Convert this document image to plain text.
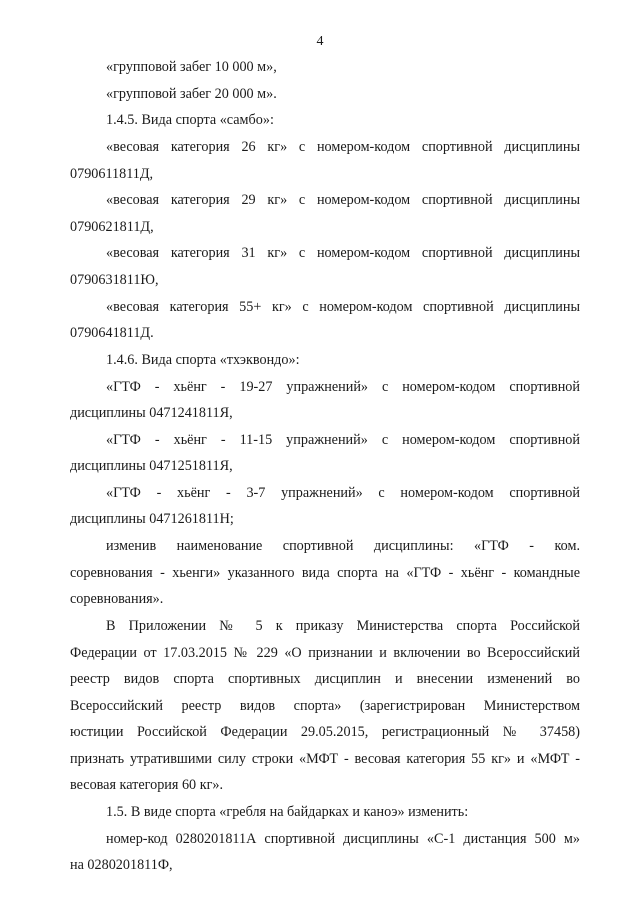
4
«групповой забег 10 000 м»,
«групповой забег 20 000 м».
1.4.5. Вида спорта «самбо»:
«весовая категория 26 кг» с номером-кодом спортивной дисциплины
0790611811Д,
«весовая категория 29 кг» с номером-кодом спортивной дисциплины
0790621811Д,
«весовая категория 31 кг» с номером-кодом спортивной дисциплины
0790631811Ю,
«весовая категория 55+ кг» с номером-кодом спортивной дисциплины
0790641811Д.
1.4.6. Вида спорта «тхэквондо»:
«ГТФ - хьёнг - 19-27 упражнений» с номером-кодом спортивной
дисциплины 0471241811Я,
«ГТФ - хьёнг - 11-15 упражнений» с номером-кодом спортивной
дисциплины 0471251811Я,
«ГТФ - хьёнг - 3-7 упражнений» с номером-кодом спортивной
дисциплины 0471261811Н;
изменив наименование спортивной дисциплины: «ГТФ - ком.
соревнования - хьенги» указанного вида спорта на «ГТФ - хьёнг - командные
соревнования».
В Приложении № 5 к приказу Министерства спорта Российской
Федерации от 17.03.2015 № 229 «О признании и включении во Всероссийский
реестр видов спорта спортивных дисциплин и внесении изменений во
Всероссийский реестр видов спорта» (зарегистрирован Министерством
юстиции Российской Федерации 29.05.2015, регистрационный № 37458)
признать утратившими силу строки «МФТ - весовая категория 55 кг» и «МФТ -
весовая категория 60 кг».
1.5. В виде спорта «гребля на байдарках и каноэ» изменить:
номер-код 0280201811А спортивной дисциплины «С-1 дистанция 500 м»
на 0280201811Ф,
